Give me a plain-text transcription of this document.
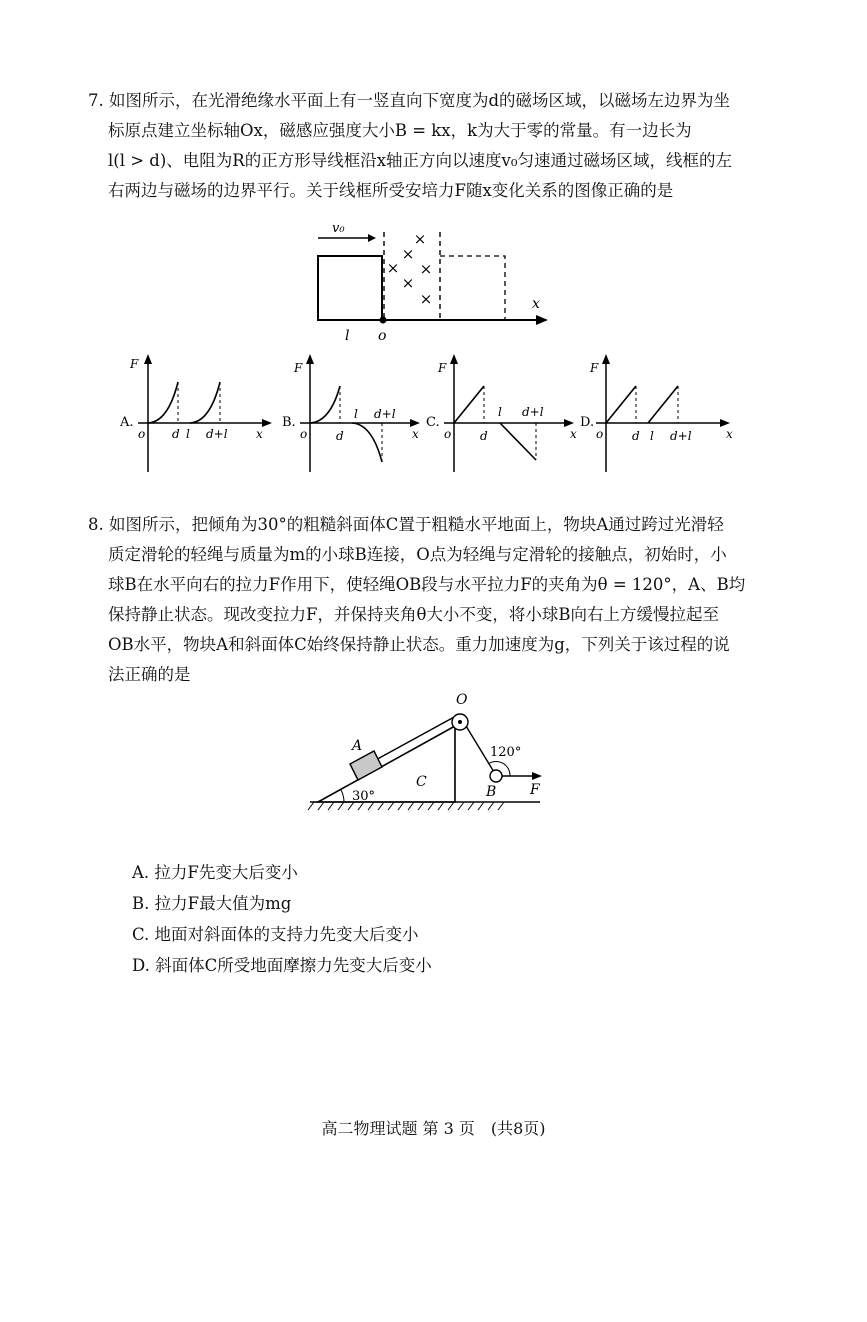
7. 如图所示，在光滑绝缘水平面上有一竖直向下宽度为d的磁场区域，以磁场左边界为坐
标原点建立坐标轴Ox，磁感应强度大小B = kx，k为大于零的常量。有一边长为
l(l > d)、电阻为R的正方形导线框沿x轴正方向以速度v₀匀速通过磁场区域，线框的左
右两边与磁场的边界平行。关于线框所受安培力F随x变化关系的图像正确的是
v₀
×
×
× ×
×
×	x
l o
A.
F
o	x
d l d+l
B.
F
o	x
d
l d+l
C.
F
o	x
d
l d+l
D.
F
o	x
d l d+l
8. 如图所示，把倾角为30°的粗糙斜面体C置于粗糙水平地面上，物块A通过跨过光滑轻
质定滑轮的轻绳与质量为m的小球B连接，O点为轻绳与定滑轮的接触点，初始时，小
球B在水平向右的拉力F作用下，使轻绳OB段与水平拉力F的夹角为θ = 120°，A、B均
保持静止状态。现改变拉力F，并保持夹角θ大小不变，将小球B向右上方缓慢拉起至
OB水平，物块A和斜面体C始终保持静止状态。重力加速度为g，下列关于该过程的说
法正确的是
O
A
C
B F
30°
120°
A. 拉力F先变大后变小
B. 拉力F最大值为mg
C. 地面对斜面体的支持力先变大后变小
D. 斜面体C所受地面摩擦力先变大后变小
高二物理试题 第 3 页　(共8页)
